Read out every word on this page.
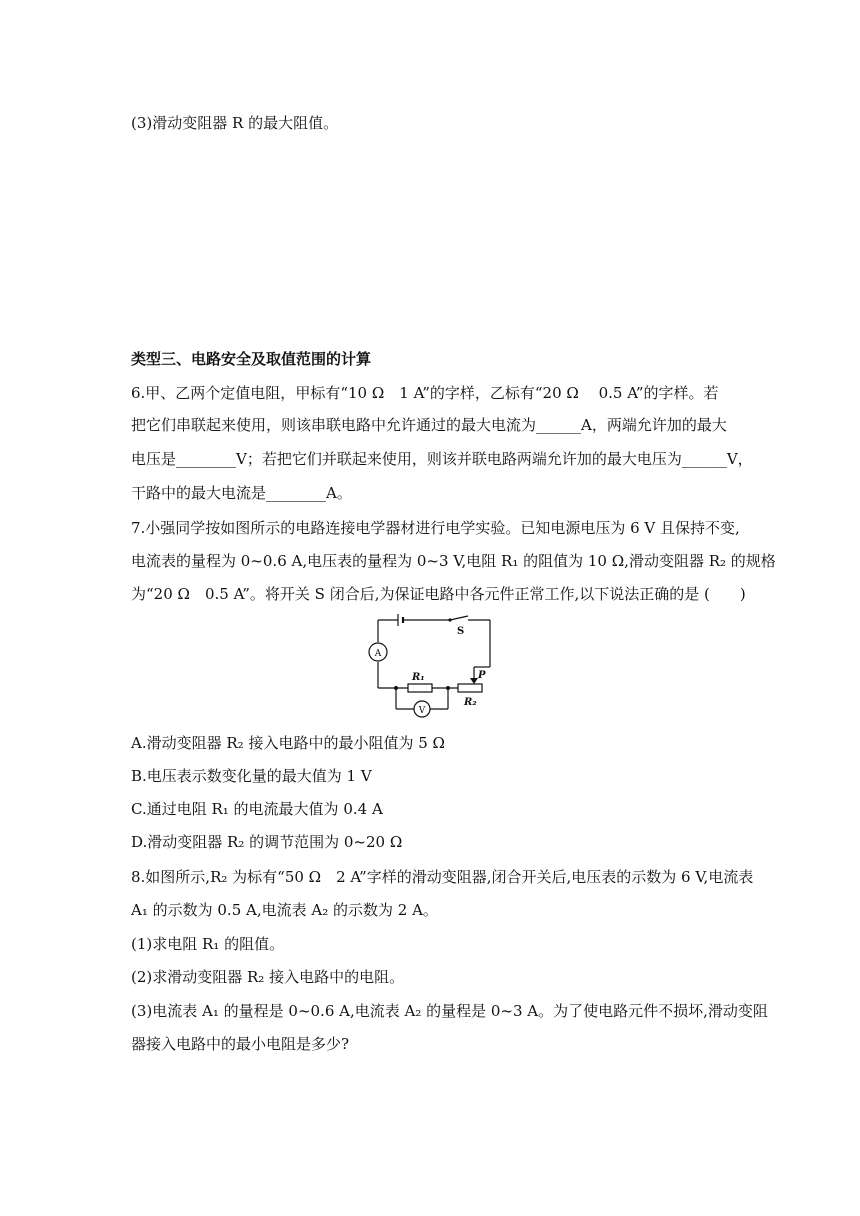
(3)滑动变阻器 R 的最大阻值。
类型三、电路安全及取值范围的计算
6.甲、乙两个定值电阻，甲标有“10 Ω　1 A”的字样，乙标有“20 Ω　 0.5 A”的字样。若
把它们串联起来使用，则该串联电路中允许通过的最大电流为______A，两端允许加的最大
电压是________V；若把它们并联起来使用，则该并联电路两端允许加的最大电压为______V，
干路中的最大电流是________A。
7.小强同学按如图所示的电路连接电学器材进行电学实验。已知电源电压为 6 V 且保持不变,
电流表的量程为 0~0.6 A,电压表的量程为 0~3 V,电阻 R₁ 的阻值为 10 Ω,滑动变阻器 R₂ 的规格
为“20 Ω　0.5 A”。将开关 S 闭合后,为保证电路中各元件正常工作,以下说法正确的是 (　　)
A
V
S
R₁
R₂
P
A.滑动变阻器 R₂ 接入电路中的最小阻值为 5 Ω
B.电压表示数变化量的最大值为 1 V
C.通过电阻 R₁ 的电流最大值为 0.4 A
D.滑动变阻器 R₂ 的调节范围为 0~20 Ω
8.如图所示,R₂ 为标有“50 Ω　2 A”字样的滑动变阻器,闭合开关后,电压表的示数为 6 V,电流表
A₁ 的示数为 0.5 A,电流表 A₂ 的示数为 2 A。
(1)求电阻 R₁ 的阻值。
(2)求滑动变阻器 R₂ 接入电路中的电阻。
(3)电流表 A₁ 的量程是 0~0.6 A,电流表 A₂ 的量程是 0~3 A。为了使电路元件不损坏,滑动变阻
器接入电路中的最小电阻是多少?
